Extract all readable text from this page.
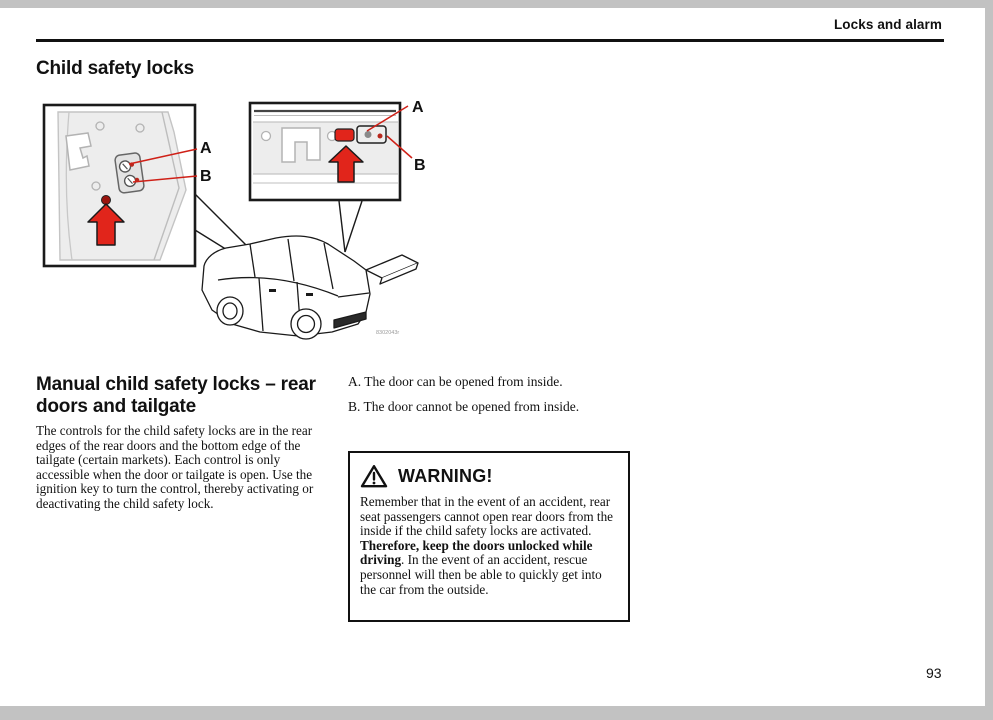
Locks and alarm
Child safety locks
A
B
A
B
8302043r
Manual child safety locks – rear doors and tailgate
The controls for the child safety locks are in the rear edges of the rear doors and the bottom edge of the tailgate (certain markets). Each control is only accessible when the door or tailgate is open. Use the ignition key to turn the control, thereby activating or deactivating the child safety lock.
A. The door can be opened from inside.
B. The door cannot be opened from inside.
WARNING!

Remember that in the event of an accident, rear seat passengers cannot open rear doors from the inside if the child safety locks are activated. Therefore, keep the doors unlocked while driving. In the event of an accident, rescue personnel will then be able to quickly get into the car from the outside.

93
